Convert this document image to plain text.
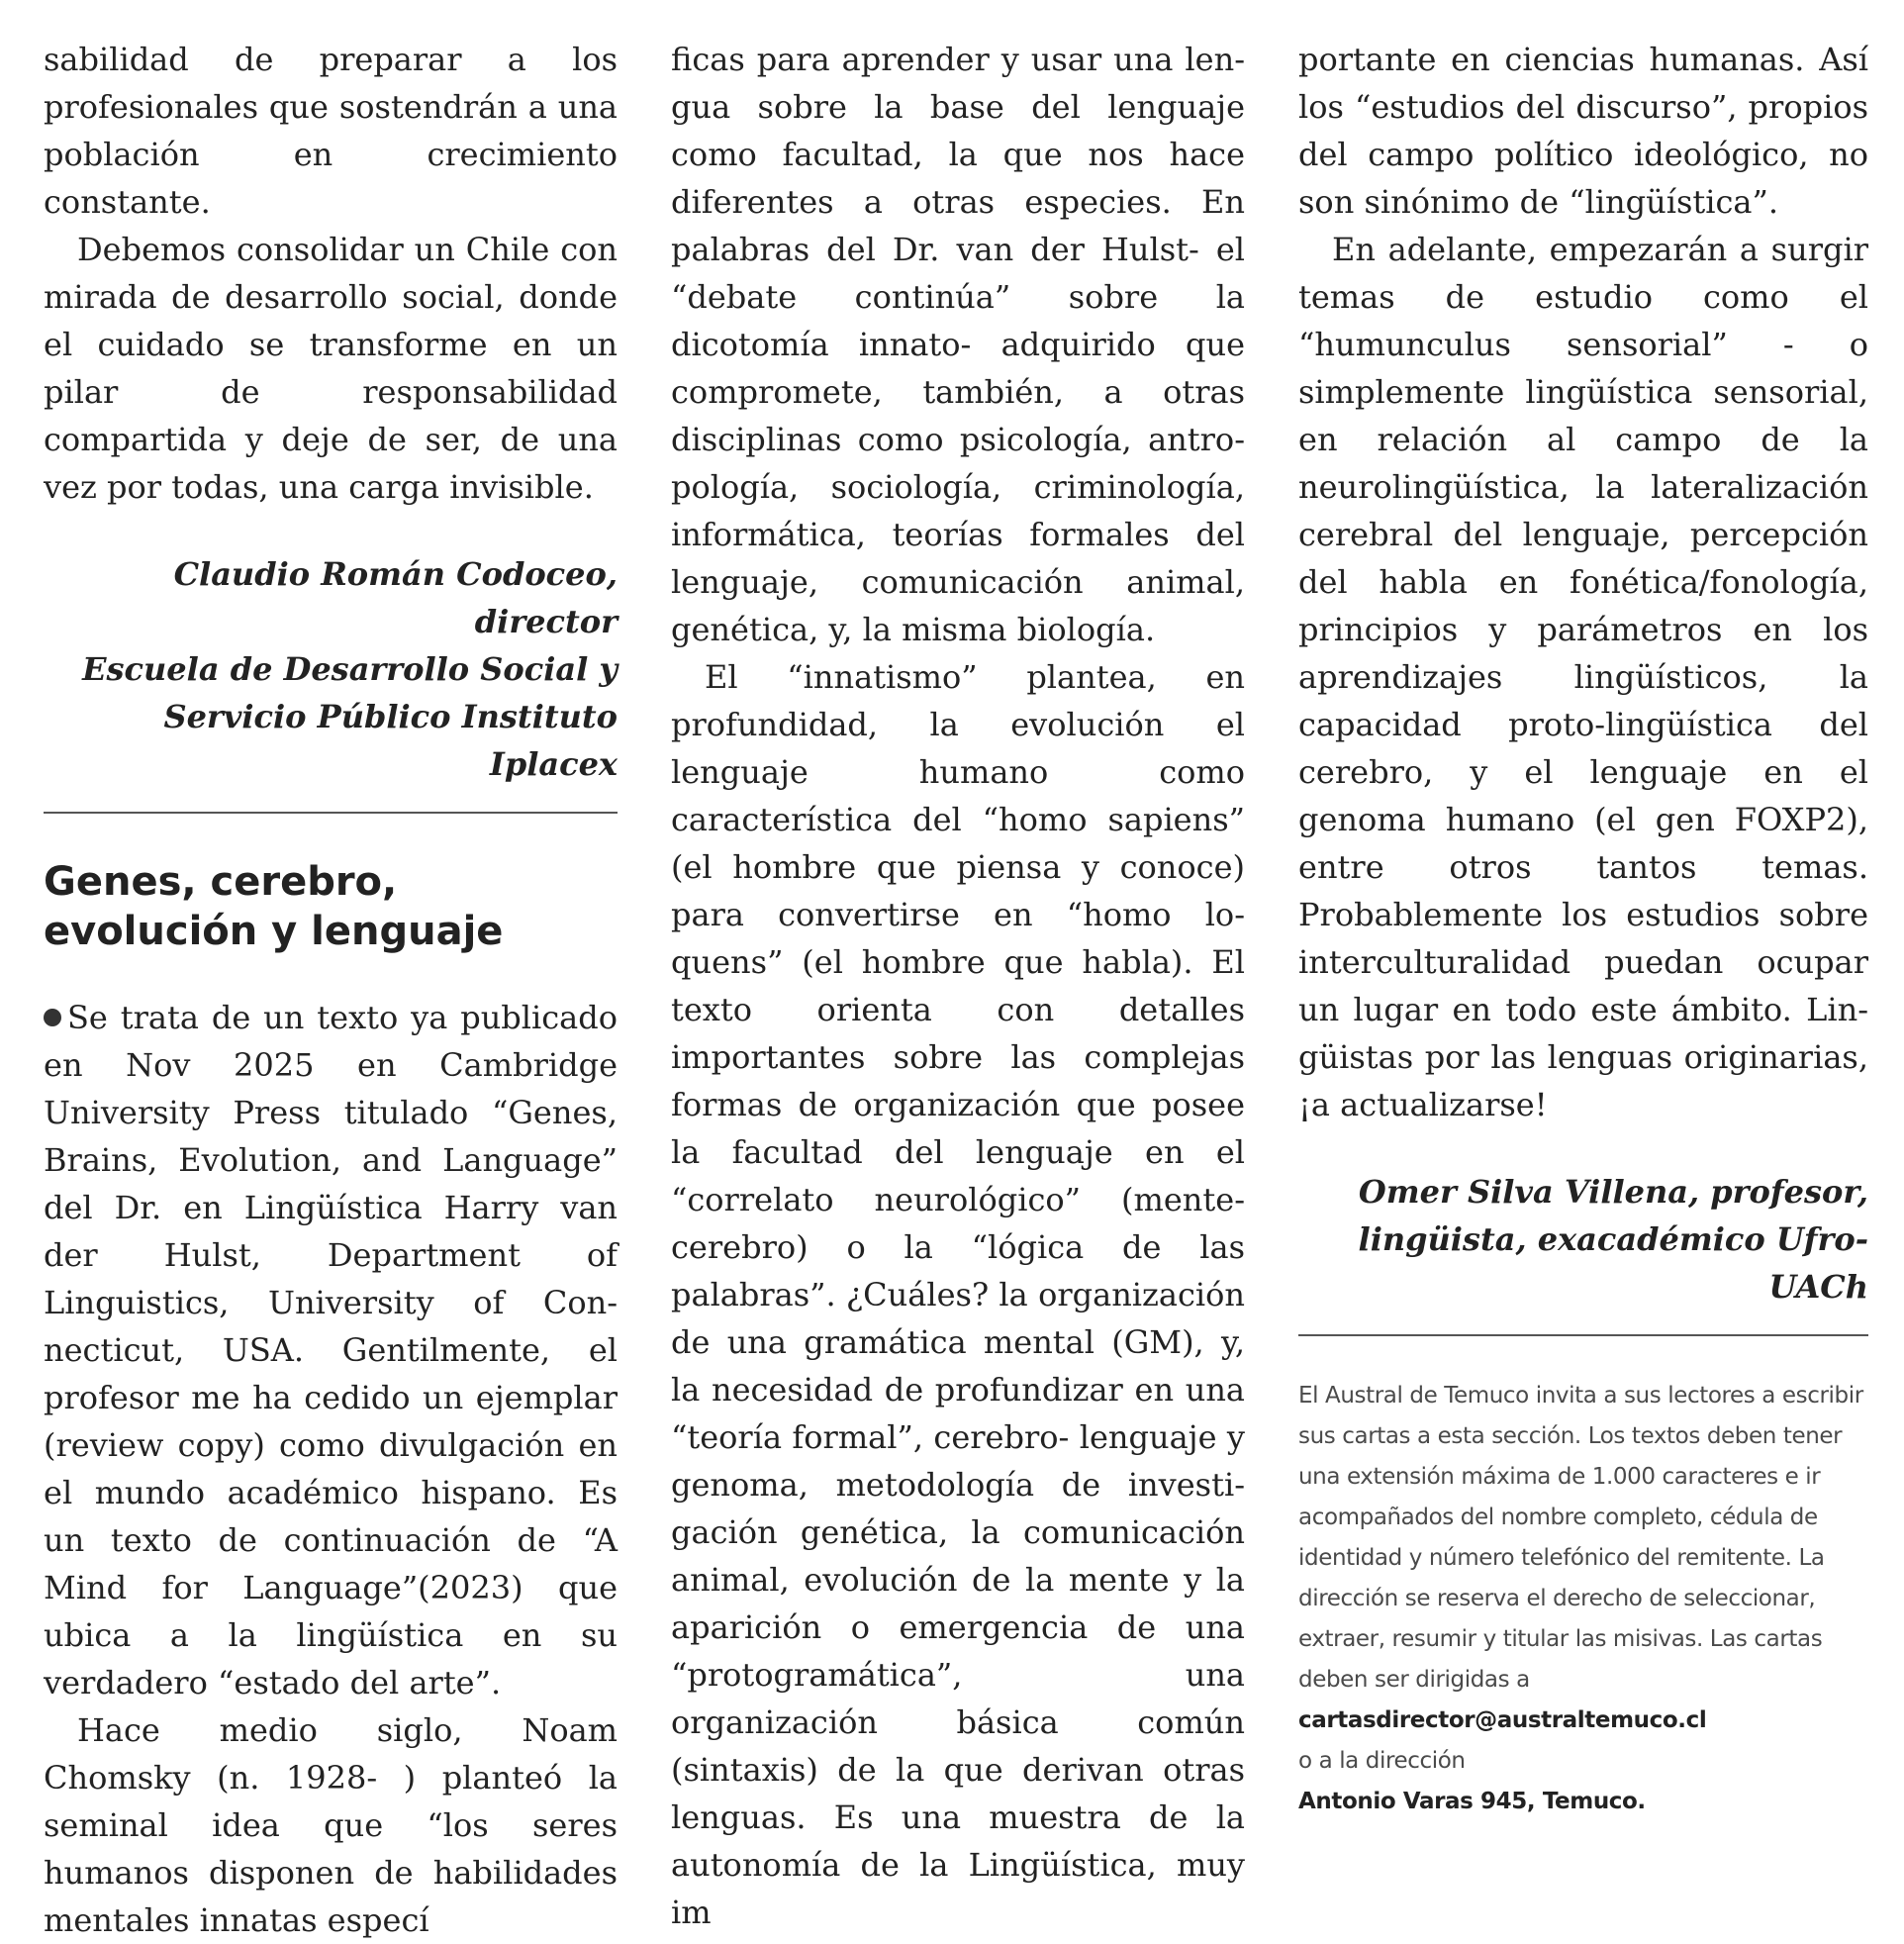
sabilidad de preparar a los profesionales que sostendrán a una población en crecimiento constante.

Debemos consolidar un Chile con mirada de desarrollo social, donde el cuidado se transforme en un pilar de responsabilidad compartida y deje de ser, de una vez por todas, una carga invisible.

Claudio Román Codoceo, director
Escuela de Desarrollo Social y
Servicio Público Instituto Iplacex
Genes, cerebro, evolución y lenguaje

Se trata de un texto ya publicado en Nov 2025 en Cambridge University Press titulado “Genes, Brains, Evolution, and Language” del Dr. en Lingüística Harry van der Hulst, Department of Linguistics, University of Connecticut, USA. Gentilmente, el profesor me ha cedido un ejemplar (review copy) como divulgación en el mundo académico hispano. Es un texto de continuación de “A Mind for Language”(2023) que ubica a la lingüística en su verdadero “estado del arte”.

Hace medio siglo, Noam Chomsky (n. 1928- ) planteó la seminal idea que “los seres humanos disponen de habilidades mentales innatas especí

ficas para aprender y usar una lengua sobre la base del lenguaje como facultad, la que nos hace diferentes a otras especies. En palabras del Dr. van der Hulst- el “debate continúa” sobre la dicotomía innato- adquirido que compromete, también, a otras disciplinas como psicología, antropología, sociología, criminología, informática, teorías formales del lenguaje, comunicación animal, genética, y, la misma biología.

El “innatismo” plantea, en profundidad, la evolución el lenguaje humano como característica del “homo sapiens” (el hombre que piensa y conoce) para convertirse en “homo loquens” (el hombre que habla). El texto orienta con detalles importantes sobre las complejas formas de organización que posee la facultad del lenguaje en el “correlato neurológico” (mente-cerebro) o la “lógica de las palabras”. ¿Cuáles? la organización de una gramática mental (GM), y, la necesidad de profundizar en una “teoría formal”, cerebro- lenguaje y genoma, metodología de investigación genética, la comunicación animal, evolución de la mente y la aparición o emergencia de una “protogramática”, una organización básica común (sintaxis) de la que derivan otras lenguas. Es una muestra de la autonomía de la Lingüística, muy im

portante en ciencias humanas. Así los “estudios del discurso”, propios del campo político ideológico, no son sinónimo de “lingüística”.

En adelante, empezarán a surgir temas de estudio como el “humunculus sensorial” - o simplemente lingüística sensorial, en relación al campo de la neurolingüística, la lateralización cerebral del lenguaje, percepción del habla en fonética/fonología, principios y parámetros en los aprendizajes lingüísticos, la capacidad proto-lingüística del cerebro, y el lenguaje en el genoma humano (el gen FOXP2), entre otros tantos temas. Probablemente los estudios sobre interculturalidad puedan ocupar un lugar en todo este ámbito. Lingüistas por las lenguas originarias, ¡a actualizarse!

Omer Silva Villena, profesor,
lingüista, exacadémico Ufro-UACh
El Austral de Temuco invita a sus lectores a escribir sus cartas a esta sección. Los textos deben tener una extensión máxima de 1.000 caracteres e ir acompañados del nombre completo, cédula de identidad y número telefónico del remitente. La dirección se reserva el derecho de seleccionar, extraer, resumir y titular las misivas. Las cartas deben ser dirigidas a
cartasdirector@australtemuco.cl
o a la dirección
Antonio Varas 945, Temuco.
